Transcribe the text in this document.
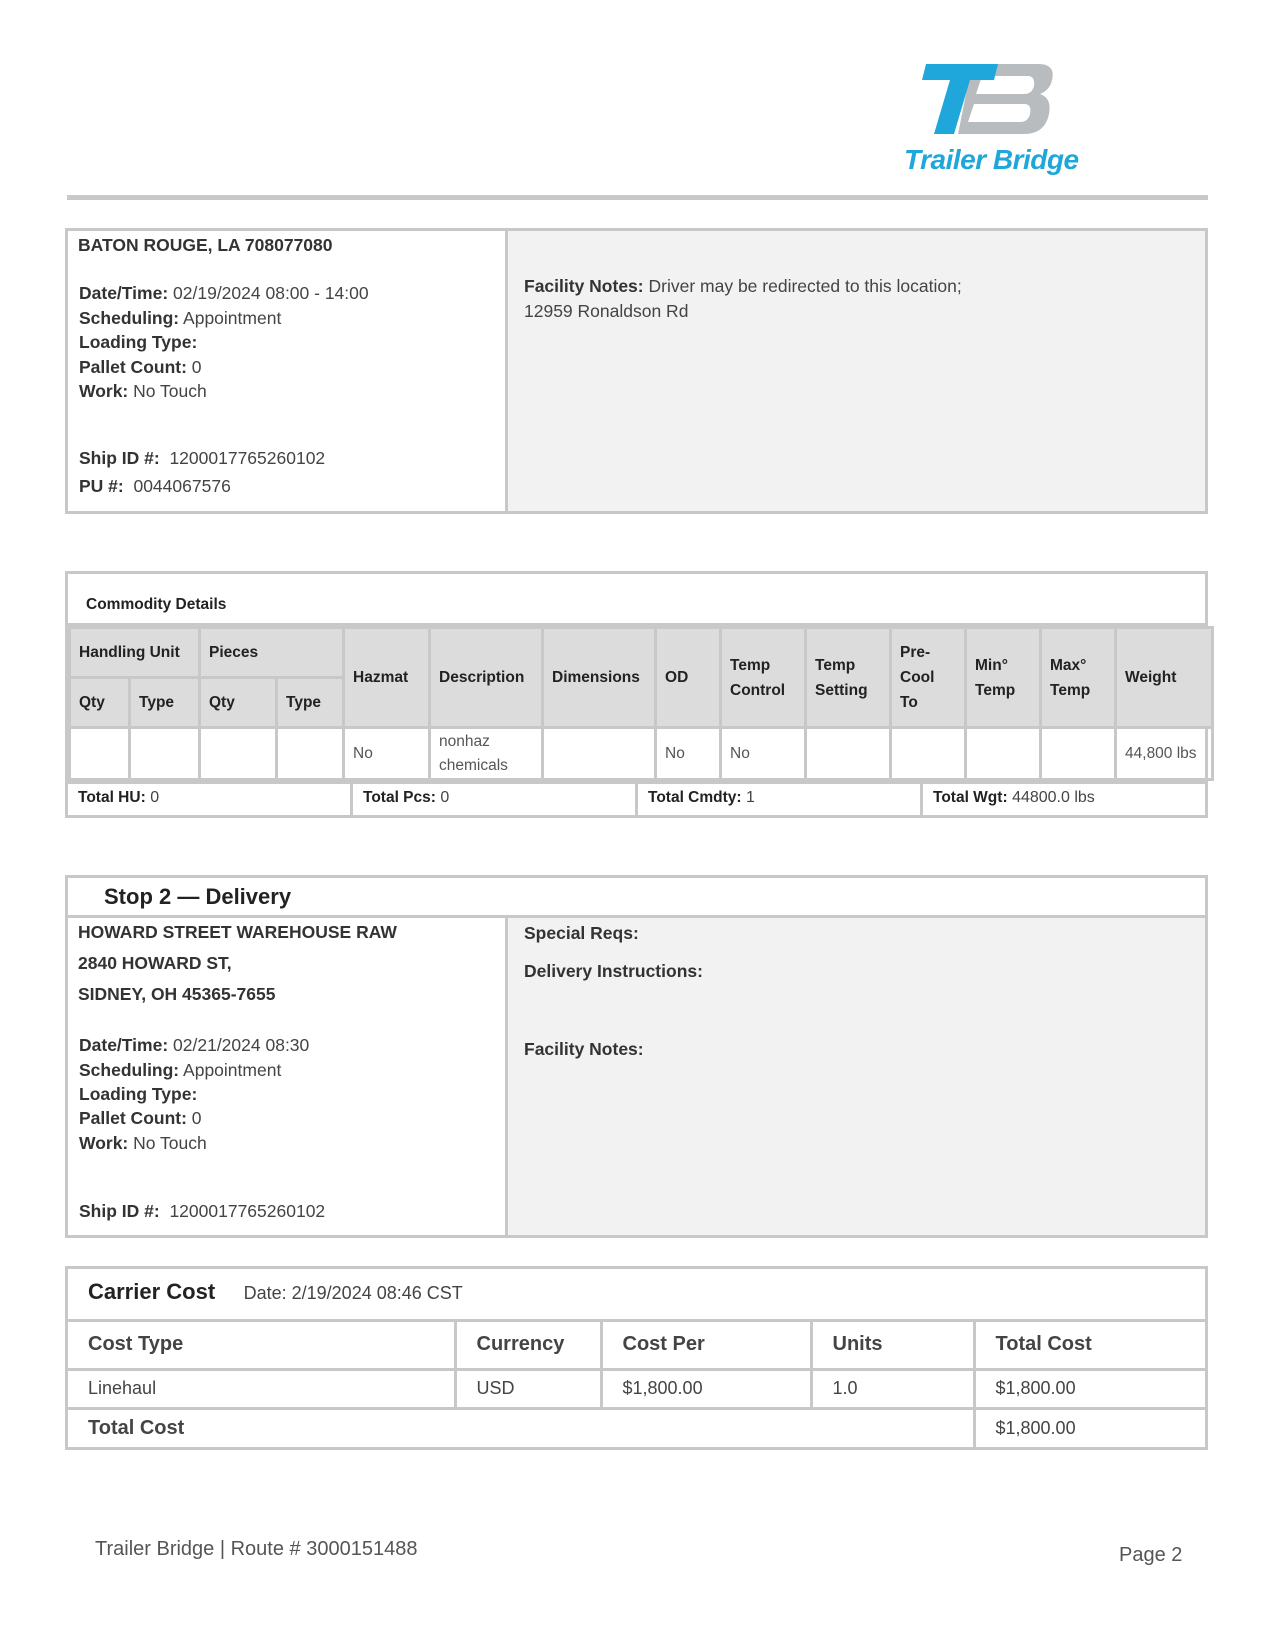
Trailer Bridge
BATON ROUGE, LA 708077080
Date/Time: 02/19/2024 08:00 - 14:00
Scheduling: Appointment
Loading Type:
Pallet Count: 0
Work: No Touch
Ship ID #: 1200017765260102
PU #: 0044067576
Facility Notes: Driver may be redirected to this location;
12959 Ronaldson Rd
Commodity Details
Handling Unit		Pieces		Hazmat	Description	Dimensions	OD	Temp Control	Temp Setting	Pre-Cool To	Min° Temp	Max° Temp	Weight
Qty	Type	Qty	Type										
				No	nonhaz chemicals		No	No					44,800 lbs
Total HU: 0	Total Pcs: 0	Total Cmdty: 1	Total Wgt: 44800.0 lbs
Stop 2 — Delivery
HOWARD STREET WAREHOUSE RAW
2840 HOWARD ST,
SIDNEY, OH 45365-7655
Date/Time: 02/21/2024 08:30
Scheduling: Appointment
Loading Type:
Pallet Count: 0
Work: No Touch
Ship ID #: 1200017765260102
Special Reqs:
Delivery Instructions:
Facility Notes:
Carrier Cost Date: 2/19/2024 08:46 CST
Cost Type	Currency	Cost Per	Units	Total Cost
Linehaul	USD	$1,800.00	1.0	$1,800.00
Total Cost				$1,800.00
Trailer Bridge | Route # 3000151488	Page 2
